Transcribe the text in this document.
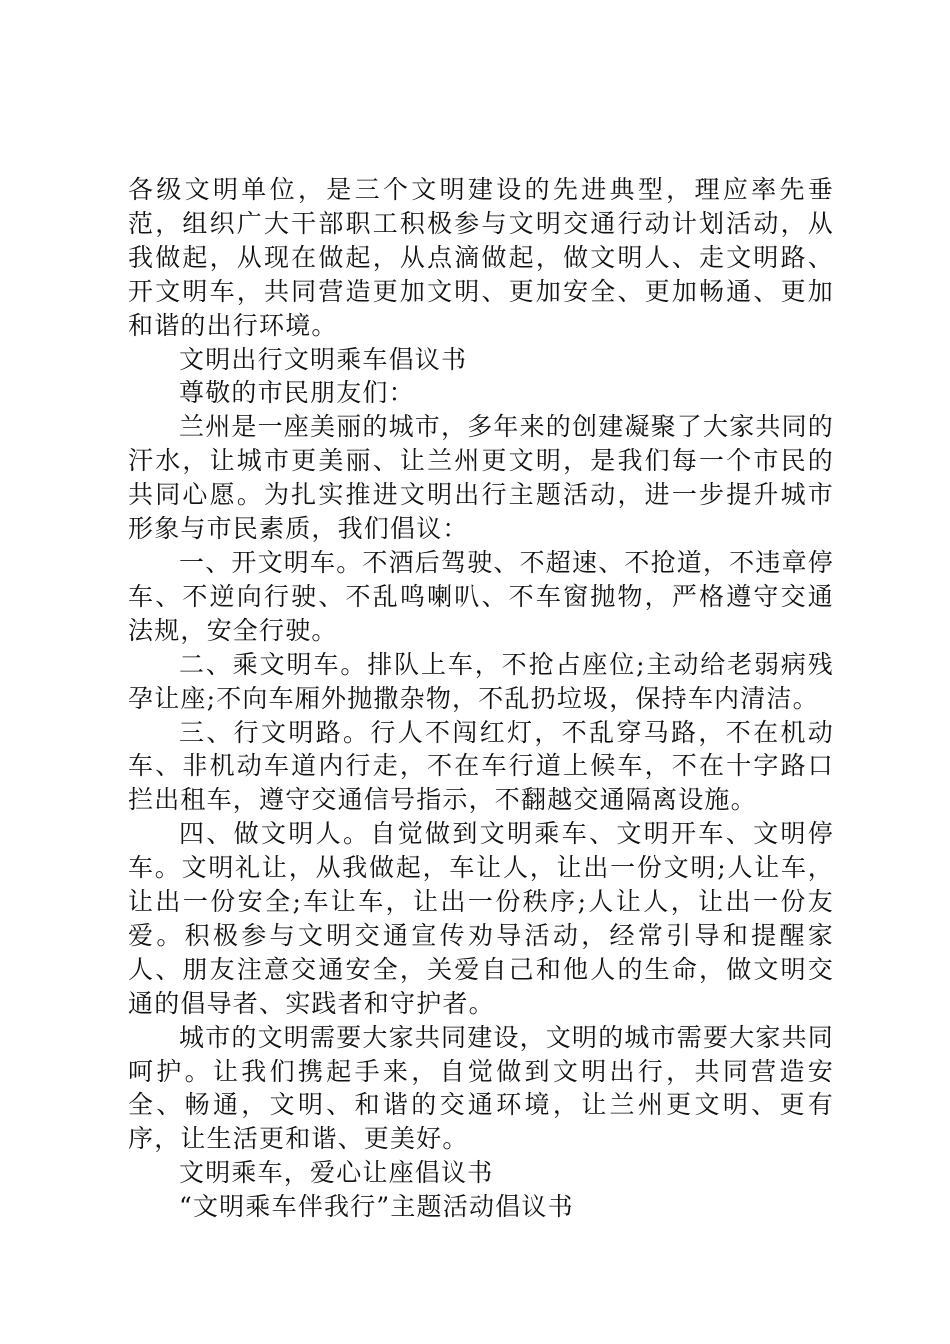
各级文明单位，是三个文明建设的先进典型，理应率先垂范，组织广大干部职工积极参与文明交通行动计划活动，从我做起，从现在做起，从点滴做起，做文明人、走文明路、开文明车，共同营造更加文明、更加安全、更加畅通、更加和谐的出行环境。

文明出行文明乘车倡议书

尊敬的市民朋友们：

兰州是一座美丽的城市，多年来的创建凝聚了大家共同的汗水，让城市更美丽、让兰州更文明，是我们每一个市民的共同心愿。为扎实推进文明出行主题活动，进一步提升城市形象与市民素质，我们倡议：

一、开文明车。不酒后驾驶、不超速、不抢道，不违章停车、不逆向行驶、不乱鸣喇叭、不车窗抛物，严格遵守交通法规，安全行驶。

二、乘文明车。排队上车，不抢占座位;主动给老弱病残孕让座;不向车厢外抛撒杂物，不乱扔垃圾，保持车内清洁。

三、行文明路。行人不闯红灯，不乱穿马路，不在机动车、非机动车道内行走，不在车行道上候车，不在十字路口拦出租车，遵守交通信号指示，不翻越交通隔离设施。

四、做文明人。自觉做到文明乘车、文明开车、文明停车。文明礼让，从我做起，车让人，让出一份文明;人让车，让出一份安全;车让车，让出一份秩序;人让人，让出一份友爱。积极参与文明交通宣传劝导活动，经常引导和提醒家人、朋友注意交通安全，关爱自己和他人的生命，做文明交通的倡导者、实践者和守护者。

城市的文明需要大家共同建设，文明的城市需要大家共同呵护。让我们携起手来，自觉做到文明出行，共同营造安全、畅通，文明、和谐的交通环境，让兰州更文明、更有序，让生活更和谐、更美好。

文明乘车，爱心让座倡议书

“文明乘车伴我行”主题活动倡议书
